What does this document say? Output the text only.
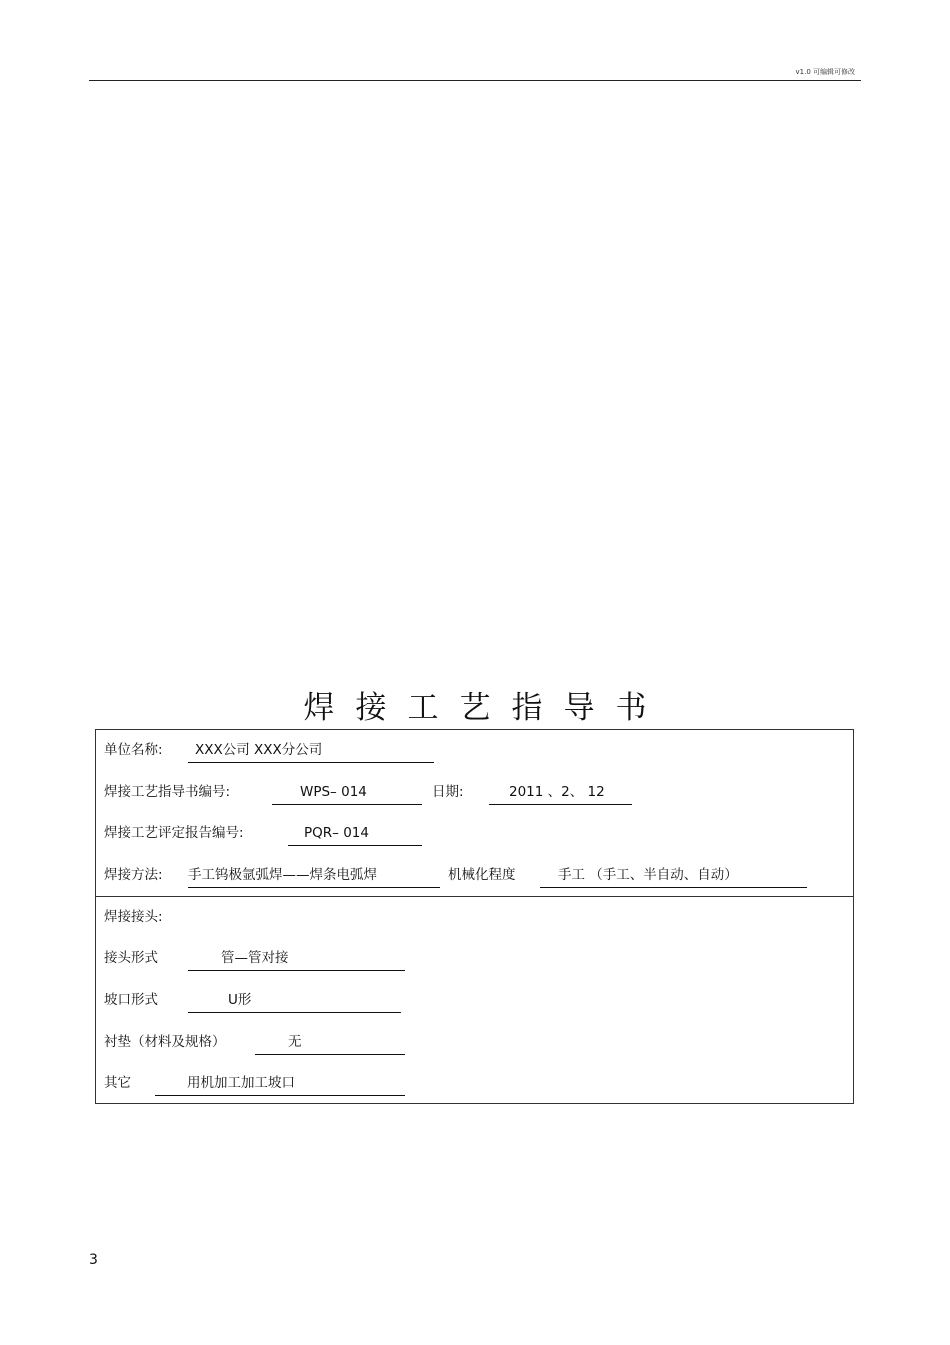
v1.0 可编辑可修改
焊接工艺指导书
单位名称: XXX公司 XXX分公司
焊接工艺指导书编号:	WPS– 014	日期:	2011 、2、 12
焊接工艺评定报告编号:	PQR– 014
焊接方法: 手工钨极氩弧焊——焊条电弧焊	机械化程度	手工 （手工、半自动、自动）
焊接接头:
接头形式	管—管对接
坡口形式	U形
衬垫（材料及规格）	无
其它	用机加工加工坡口
3
